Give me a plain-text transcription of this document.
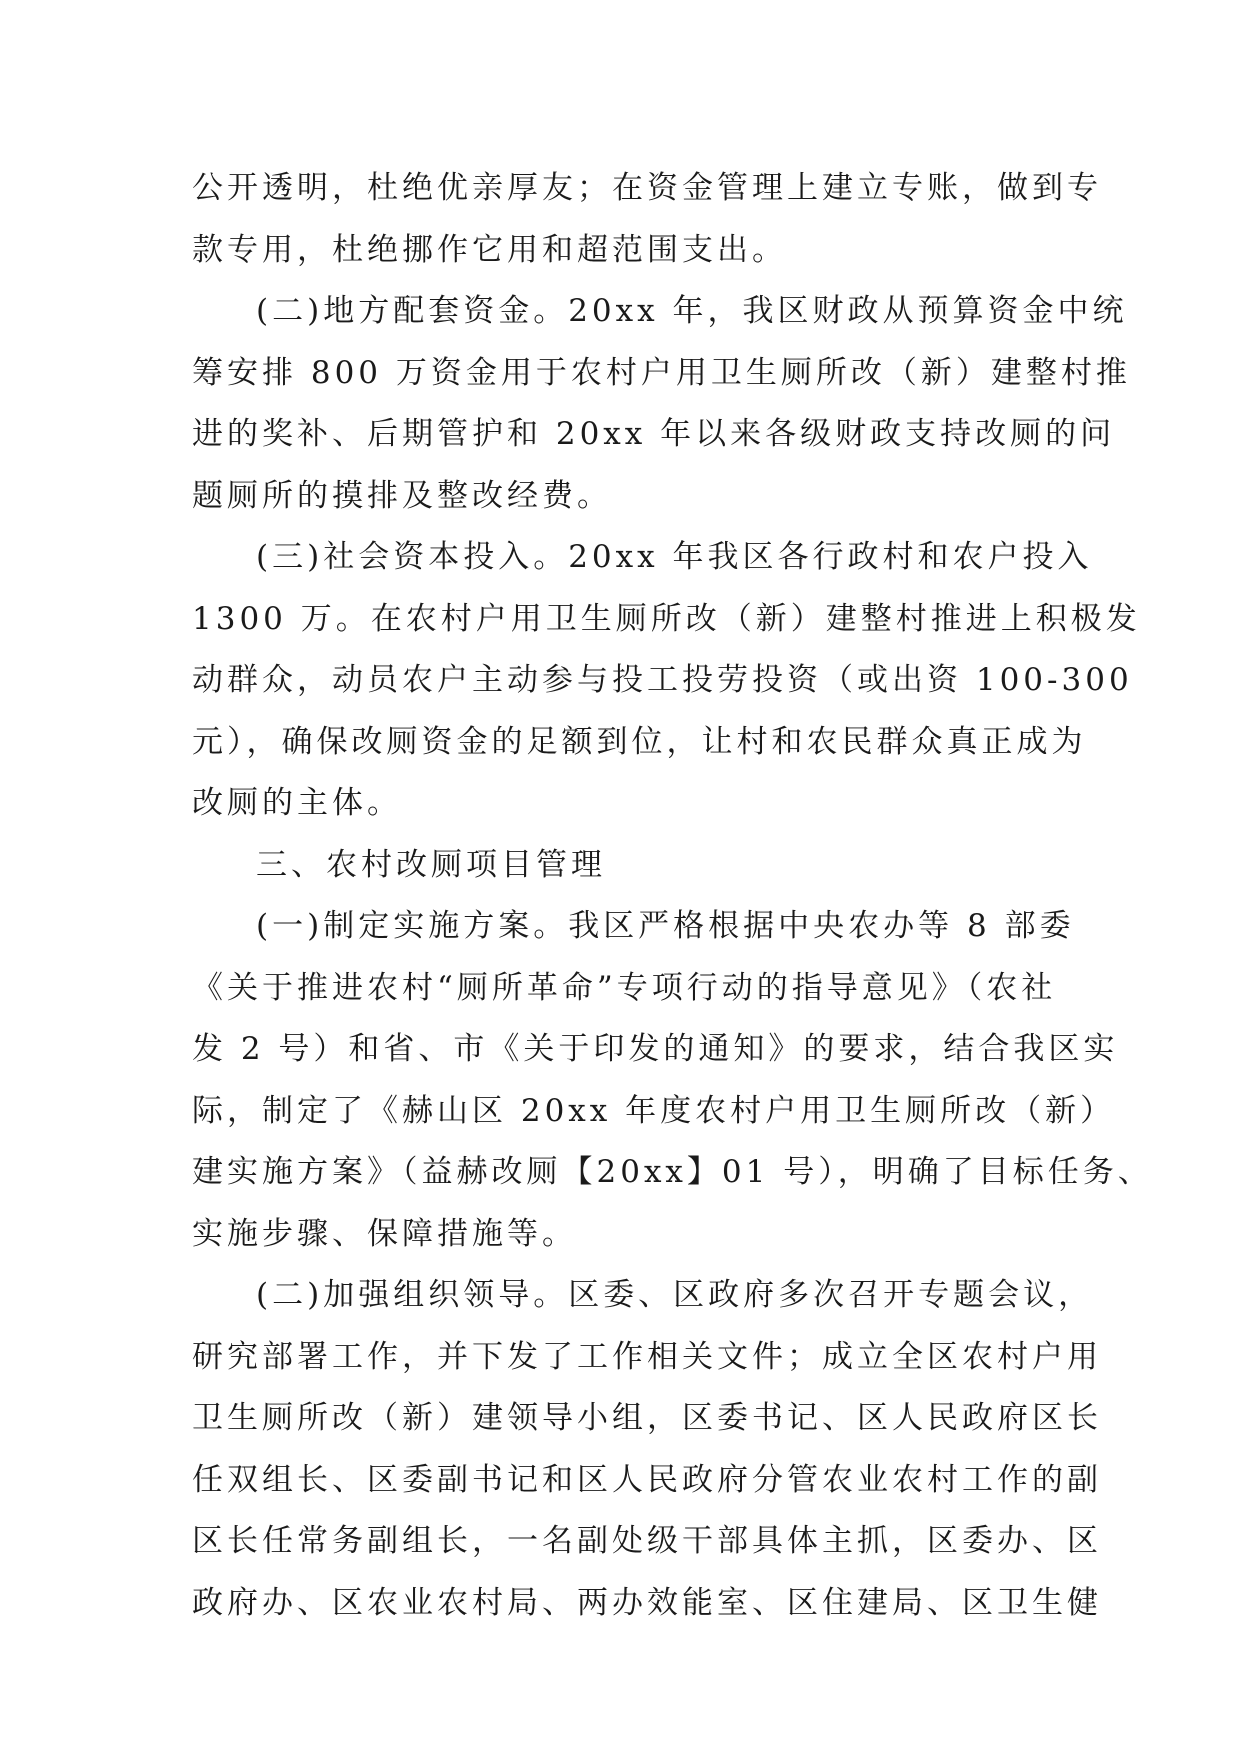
公开透明，杜绝优亲厚友；在资金管理上建立专账，做到专
款专用，杜绝挪作它用和超范围支出。
(二)地方配套资金。20xx 年，我区财政从预算资金中统
筹安排 800 万资金用于农村户用卫生厕所改（新）建整村推
进的奖补、后期管护和 20xx 年以来各级财政支持改厕的问
题厕所的摸排及整改经费。
(三)社会资本投入。20xx 年我区各行政村和农户投入
1300 万。在农村户用卫生厕所改（新）建整村推进上积极发
动群众，动员农户主动参与投工投劳投资（或出资 100-300
元），确保改厕资金的足额到位，让村和农民群众真正成为
改厕的主体。
三、农村改厕项目管理
(一)制定实施方案。我区严格根据中央农办等 8 部委
《关于推进农村“厕所革命”专项行动的指导意见》（农社
发 2 号）和省、市《关于印发的通知》的要求，结合我区实
际，制定了《赫山区 20xx 年度农村户用卫生厕所改（新）
建实施方案》（益赫改厕【20xx】01 号），明确了目标任务、
实施步骤、保障措施等。
(二)加强组织领导。区委、区政府多次召开专题会议，
研究部署工作，并下发了工作相关文件；成立全区农村户用
卫生厕所改（新）建领导小组，区委书记、区人民政府区长
任双组长、区委副书记和区人民政府分管农业农村工作的副
区长任常务副组长，一名副处级干部具体主抓，区委办、区
政府办、区农业农村局、两办效能室、区住建局、区卫生健
